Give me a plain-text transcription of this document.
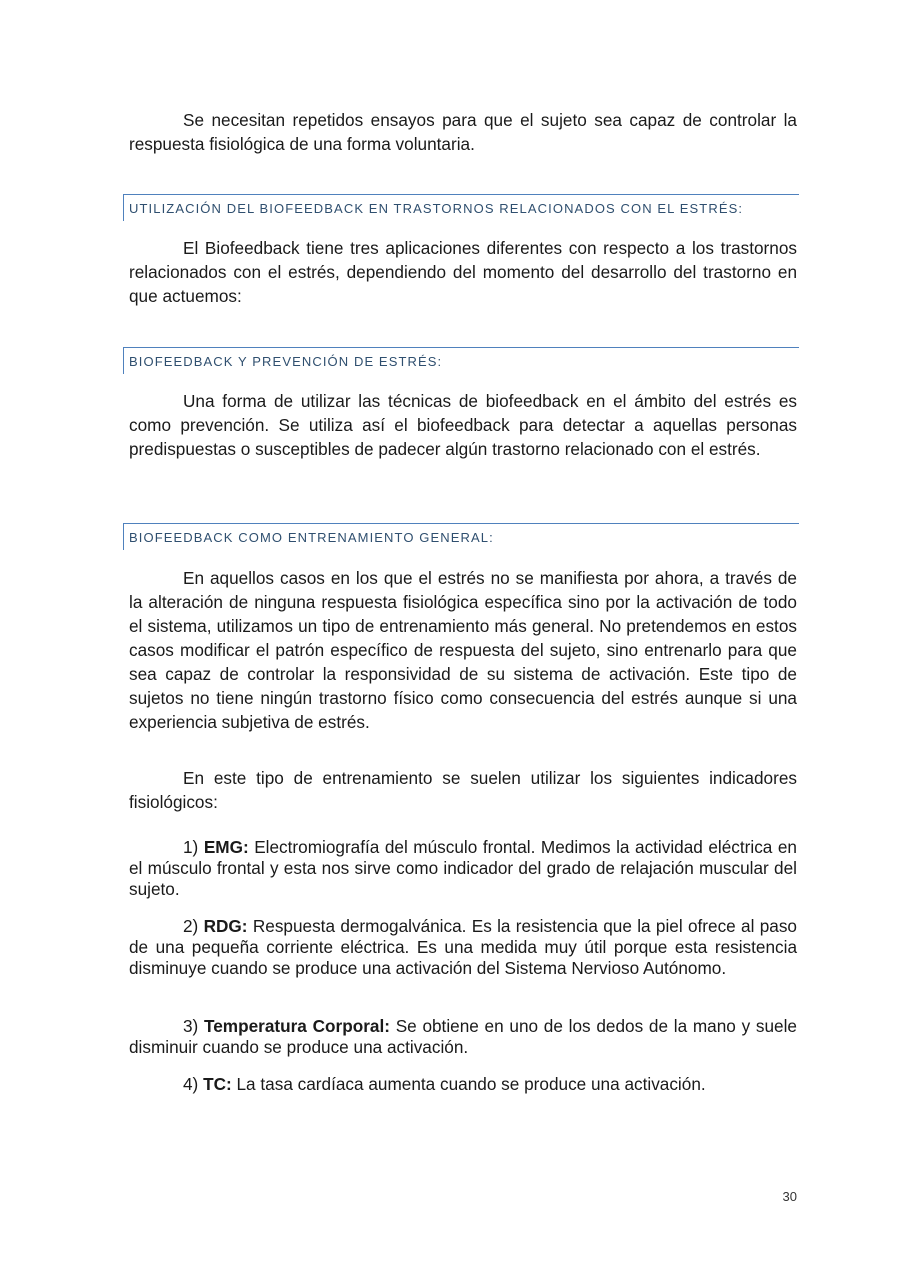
Se necesitan repetidos ensayos para que el sujeto sea capaz de controlar la respuesta fisiológica de una forma voluntaria.

UTILIZACIÓN DEL BIOFEEDBACK EN TRASTORNOS RELACIONADOS CON EL ESTRÉS:

El Biofeedback tiene tres aplicaciones diferentes con respecto a los trastornos relacionados con el estrés, dependiendo del momento del desarrollo del trastorno en que actuemos:

BIOFEEDBACK Y PREVENCIÓN DE ESTRÉS:

Una forma de utilizar las técnicas de biofeedback en el ámbito del estrés es como prevención. Se utiliza así el biofeedback para detectar a aquellas personas predispuestas o susceptibles de padecer algún trastorno relacionado con el estrés.

BIOFEEDBACK COMO ENTRENAMIENTO GENERAL:

En aquellos casos en los que el estrés no se manifiesta por ahora, a través de la alteración de ninguna respuesta fisiológica específica sino por la activación de todo el sistema, utilizamos un tipo de entrenamiento más general. No pretendemos en estos casos modificar el patrón específico de respuesta del sujeto, sino entrenarlo para que sea capaz de controlar la responsividad de su sistema de activación. Este tipo de sujetos no tiene ningún trastorno físico como consecuencia del estrés aunque si una experiencia subjetiva de estrés.

En este tipo de entrenamiento se suelen utilizar los siguientes indicadores fisiológicos:

1) EMG: Electromiografía del músculo frontal. Medimos la actividad eléctrica en el músculo frontal y esta nos sirve como indicador del grado de relajación muscular del sujeto.

2) RDG: Respuesta dermogalvánica. Es la resistencia que la piel ofrece al paso de una pequeña corriente eléctrica. Es una medida muy útil porque esta resistencia disminuye cuando se produce una activación del Sistema Nervioso Autónomo.

3) Temperatura Corporal: Se obtiene en uno de los dedos de la mano y suele disminuir cuando se produce una activación.

4) TC: La tasa cardíaca aumenta cuando se produce una activación.

30
